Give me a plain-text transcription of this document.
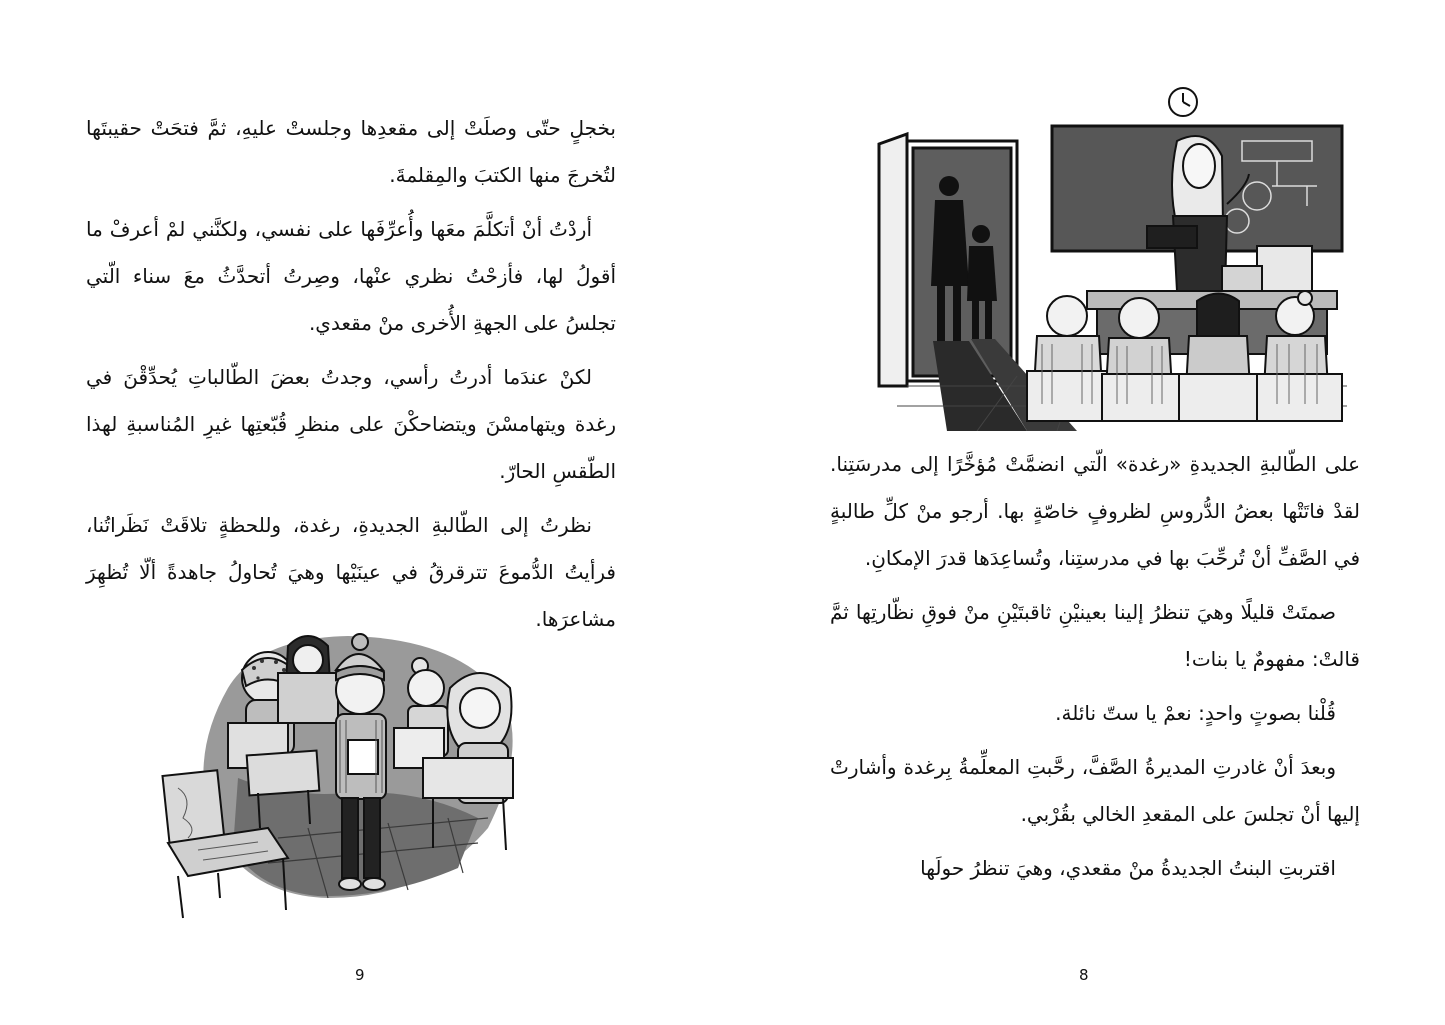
بخجلٍ حتّى وصلَتْ إلى مقعدِها وجلستْ عليهِ، ثمَّ فتحَتْ حقيبتَها لتُخرجَ منها الكتبَ والمِقلمةَ.

أردْتُ أنْ أتكلَّمَ معَها وأُعرِّفَها على نفسي، ولكنَّني لمْ أعرفْ ما أقولُ لها، فأزحْتُ نظري عنْها، وصِرتُ أتحدَّثُ معَ سناء الّتي تجلسُ على الجهةِ الأُخرى منْ مقعدي.

لكنْ عندَما أدرتُ رأسي، وجدتُ بعضَ الطّالباتِ يُحدِّقْنَ في رغدة ويتهامسْنَ ويتضاحكْنَ على منظرِ قُبّعتِها غيرِ المُناسبةِ لهذا الطّقسِ الحارّ.

نظرتُ إلى الطّالبةِ الجديدةِ، رغدة، وللحظةٍ تلاقَتْ نَظَراتُنا، فرأيتُ الدُّموعَ تترقرقُ في عينَيْها وهيَ تُحاولُ جاهدةً ألّا تُظهِرَ مشاعرَها.

9

على الطّالبةِ الجديدةِ «رغدة» الّتي انضمَّتْ مُؤخَّرًا إلى مدرسَتِنا. لقدْ فاتَتْها بعضُ الدُّروسِ لظروفٍ خاصّةٍ بها. أرجو منْ كلِّ طالبةٍ في الصَّفِّ أنْ تُرحِّبَ بها في مدرستِنا، وتُساعِدَها قدرَ الإمكانِ.

صمتَتْ قليلًا وهيَ تنظرُ إلينا بعينيْنِ ثاقبتَيْنِ منْ فوقِ نظّارتِها ثمَّ قالتْ: مفهومٌ يا بنات!

قُلْنا بصوتٍ واحدٍ: نعمْ يا ستّ نائلة.

وبعدَ أنْ غادرتِ المديرةُ الصَّفَّ، رحَّبتِ المعلِّمةُ بِرغدة وأشارتْ إليها أنْ تجلسَ على المقعدِ الخالي بقُرْبي.

اقتربتِ البنتُ الجديدةُ منْ مقعدي، وهيَ تنظرُ حولَها

8
